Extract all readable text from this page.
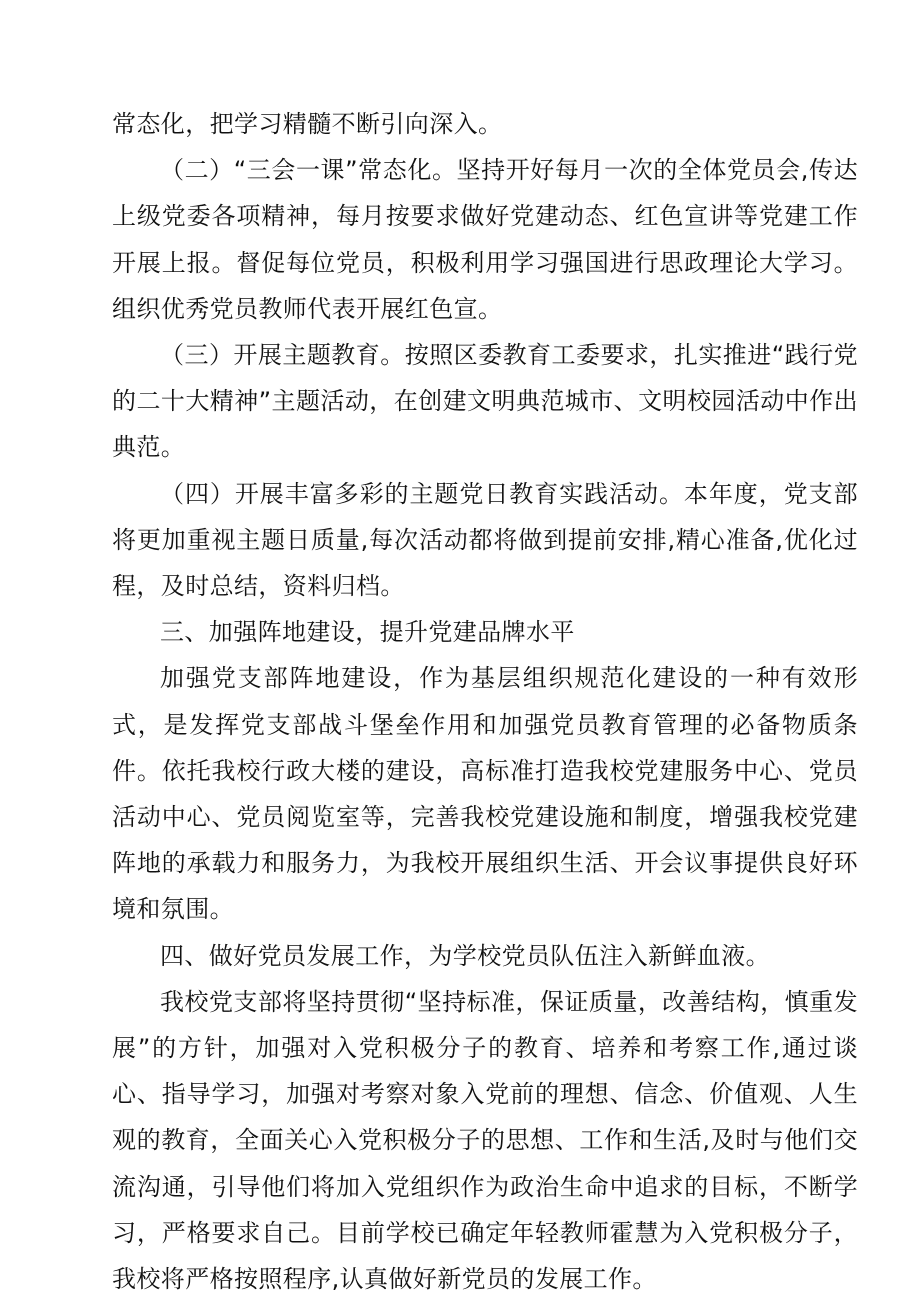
常态化，把学习精髓不断引向深入。

（二）“三会一课”常态化。坚持开好每月一次的全体党员会,传达上级党委各项精神，每月按要求做好党建动态、红色宣讲等党建工作开展上报。督促每位党员，积极利用学习强国进行思政理论大学习。组织优秀党员教师代表开展红色宣。

（三）开展主题教育。按照区委教育工委要求，扎实推进“践行党的二十大精神”主题活动，在创建文明典范城市、文明校园活动中作出典范。

（四）开展丰富多彩的主题党日教育实践活动。本年度，党支部将更加重视主题日质量,每次活动都将做到提前安排,精心准备,优化过程，及时总结，资料归档。

三、加强阵地建设，提升党建品牌水平

加强党支部阵地建设，作为基层组织规范化建设的一种有效形式，是发挥党支部战斗堡垒作用和加强党员教育管理的必备物质条件。依托我校行政大楼的建设，高标准打造我校党建服务中心、党员活动中心、党员阅览室等，完善我校党建设施和制度，增强我校党建阵地的承载力和服务力，为我校开展组织生活、开会议事提供良好环境和氛围。

四、做好党员发展工作，为学校党员队伍注入新鲜血液。

我校党支部将坚持贯彻“坚持标准，保证质量，改善结构，慎重发展”的方针，加强对入党积极分子的教育、培养和考察工作,通过谈心、指导学习，加强对考察对象入党前的理想、信念、价值观、人生观的教育，全面关心入党积极分子的思想、工作和生活,及时与他们交流沟通，引导他们将加入党组织作为政治生命中追求的目标，不断学习，严格要求自己。目前学校已确定年轻教师霍慧为入党积极分子，我校将严格按照程序,认真做好新党员的发展工作。
